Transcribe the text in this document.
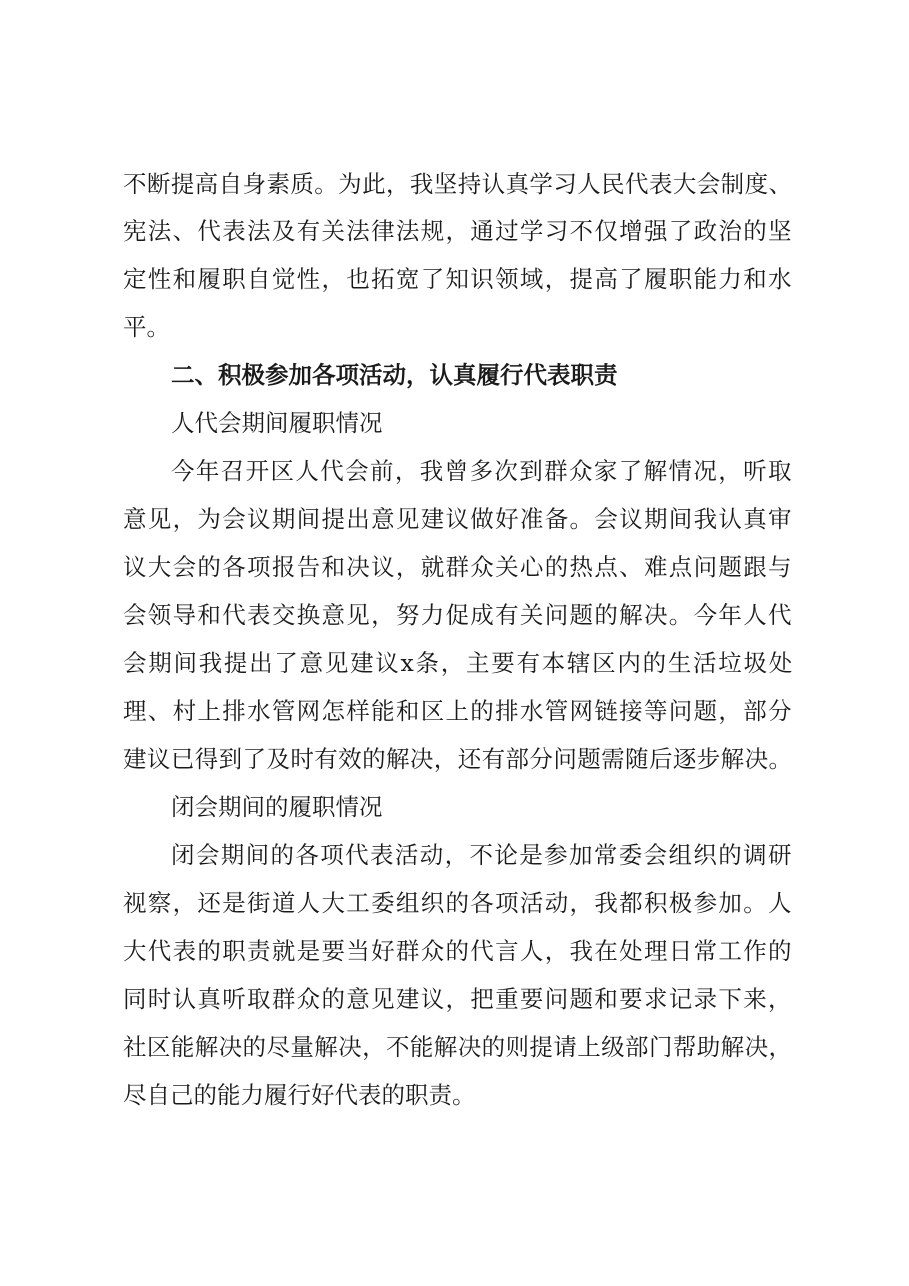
不断提高自身素质。为此，我坚持认真学习人民代表大会制度、
宪法、代表法及有关法律法规，通过学习不仅增强了政治的坚
定性和履职自觉性，也拓宽了知识领域，提高了履职能力和水
平。
二、积极参加各项活动，认真履行代表职责
人代会期间履职情况
今年召开区人代会前，我曾多次到群众家了解情况，听取
意见，为会议期间提出意见建议做好准备。会议期间我认真审
议大会的各项报告和决议，就群众关心的热点、难点问题跟与
会领导和代表交换意见，努力促成有关问题的解决。今年人代
会期间我提出了意见建议x条，主要有本辖区内的生活垃圾处
理、村上排水管网怎样能和区上的排水管网链接等问题，部分
建议已得到了及时有效的解决，还有部分问题需随后逐步解决。
闭会期间的履职情况
闭会期间的各项代表活动，不论是参加常委会组织的调研
视察，还是街道人大工委组织的各项活动，我都积极参加。人
大代表的职责就是要当好群众的代言人，我在处理日常工作的
同时认真听取群众的意见建议，把重要问题和要求记录下来，
社区能解决的尽量解决，不能解决的则提请上级部门帮助解决，
尽自己的能力履行好代表的职责。
